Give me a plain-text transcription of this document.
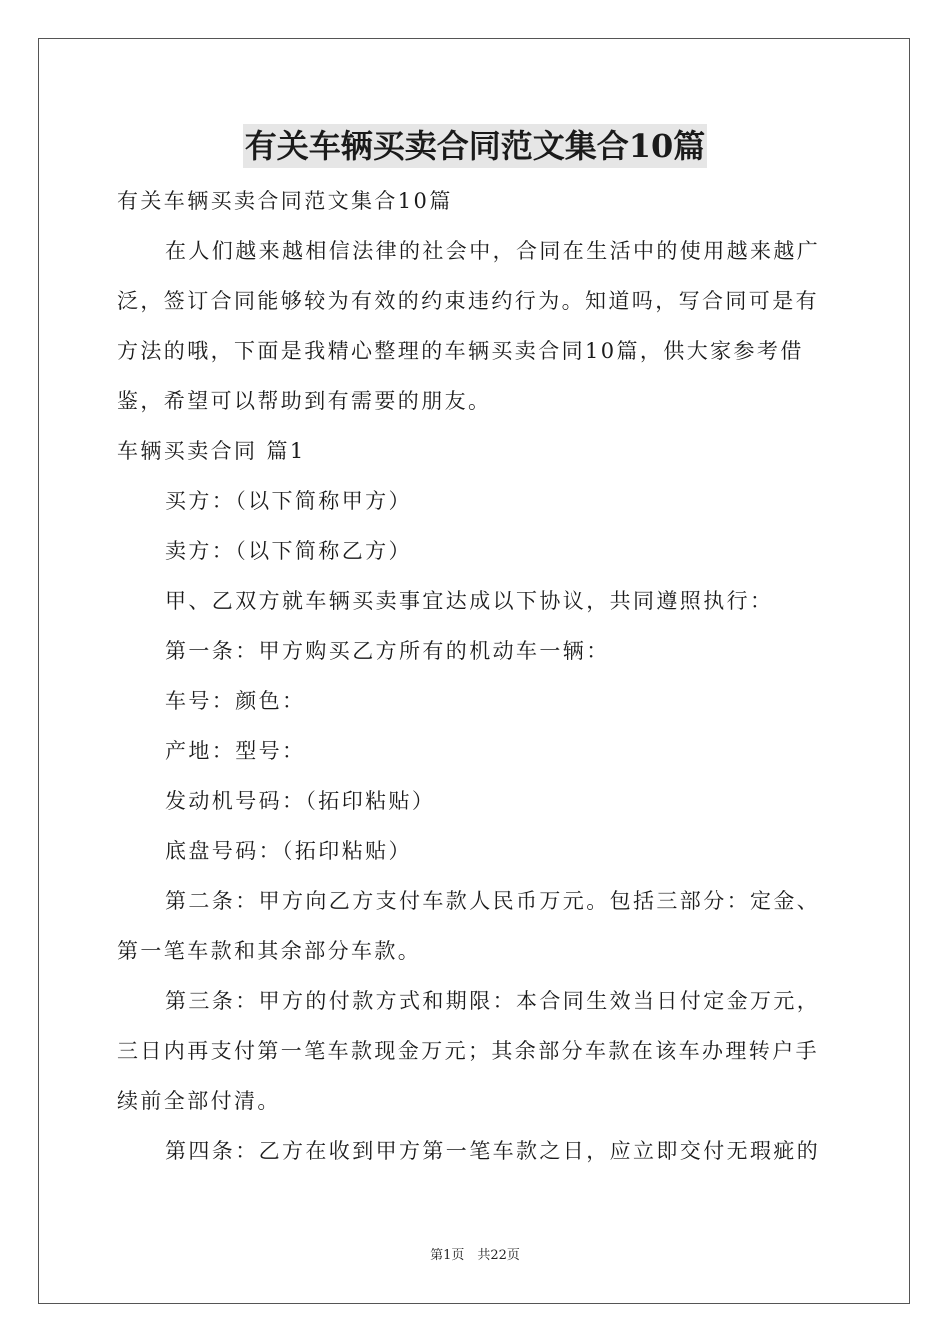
有关车辆买卖合同范文集合10篇

有关车辆买卖合同范文集合10篇

在人们越来越相信法律的社会中，合同在生活中的使用越来越广泛，签订合同能够较为有效的约束违约行为。知道吗，写合同可是有方法的哦，下面是我精心整理的车辆买卖合同10篇，供大家参考借鉴，希望可以帮助到有需要的朋友。

车辆买卖合同 篇1

买方：（以下简称甲方）

卖方：（以下简称乙方）

甲、乙双方就车辆买卖事宜达成以下协议，共同遵照执行：

第一条：甲方购买乙方所有的机动车一辆：

车号：颜色：

产地：型号：

发动机号码：（拓印粘贴）

底盘号码：（拓印粘贴）

第二条：甲方向乙方支付车款人民币万元。包括三部分：定金、第一笔车款和其余部分车款。

第三条：甲方的付款方式和期限：本合同生效当日付定金万元，三日内再支付第一笔车款现金万元；其余部分车款在该车办理转户手续前全部付清。

第四条：乙方在收到甲方第一笔车款之日，应立即交付无瑕疵的

第1页　共22页
